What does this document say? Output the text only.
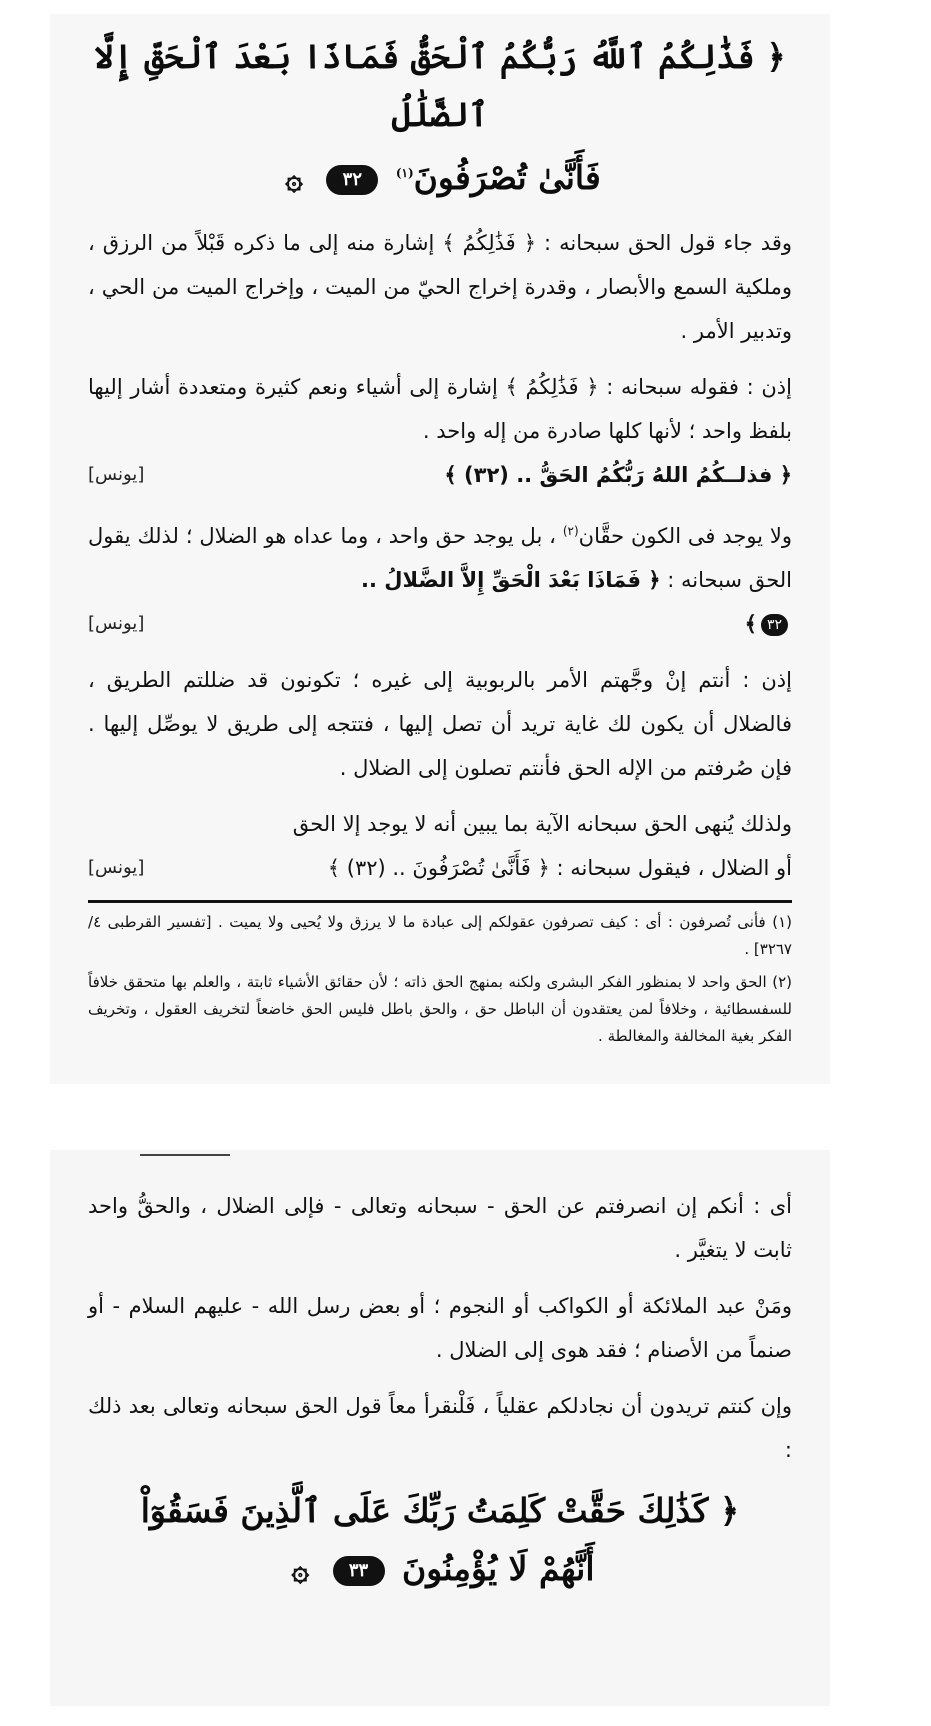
﴿ فَذَٰلِكُمُ ٱللَّهُ رَبُّكُمُ ٱلْحَقُّ فَمَاذَا بَعْدَ ٱلْحَقِّ إِلَّا ٱلضَّلَٰلُ
فَأَنَّىٰ تُصْرَفُونَ$^{(١)}$ ٣٢ ۞

وقد جاء قول الحق سبحانه : ﴿ فَذَٰلِكُمُ ﴾ إشارة منه إلى ما ذكره قَبْلاً من الرزق ، وملكية السمع والأبصار ، وقدرة إخراج الحيّ من الميت ، وإخراج الميت من الحي ، وتدبير الأمر .

إذن : فقوله سبحانه : ﴿ فَذَٰلِكُمُ ﴾ إشارة إلى أشياء ونعم كثيرة ومتعددة أشار إليها بلفظ واحد ؛ لأنها كلها صادرة من إله واحد .

﴿ فذلــكُمُ اللهُ رَبُّكُمُ الحَقُّ .. (٣٢) ﴾
[يونس]

ولا يوجد فى الكون حقَّان$^{(٢)}$ ، بل يوجد حق واحد ، وما عداه هو الضلال ؛ لذلك يقول الحق سبحانه : ﴿ فَمَاذَا بَعْدَ الْحَقِّ إِلاَّ الضَّلالُ ..

٣٢﴾
[يونس]

إذن : أنتم إنْ وجَّهتم الأمر بالربوبية إلى غيره ؛ تكونون قد ضللتم الطريق ، فالضلال أن يكون لك غاية تريد أن تصل إليها ، فتتجه إلى طريق لا يوصِّل إليها . فإن صُرفتم من الإله الحق فأنتم تصلون إلى الضلال .

ولذلك يُنهى الحق سبحانه الآية بما يبين أنه لا يوجد إلا الحق

أو الضلال ، فيقول سبحانه : ﴿ فَأَنَّىٰ تُصْرَفُونَ .. (٣٢) ﴾
[يونس]

(١) فأنى تُصرفون : أى : كيف تصرفون عقولكم إلى عبادة ما لا يرزق ولا يُحيى ولا يميت . [تفسير القرطبى ٤/ ٣٢٦٧] .

(٢) الحق واحد لا بمنظور الفكر البشرى ولكنه بمنهج الحق ذاته ؛ لأن حقائق الأشياء ثابتة ، والعلم بها متحقق خلافاً للسفسطائية ، وخلافاً لمن يعتقدون أن الباطل حق ، والحق باطل فليس الحق خاضعاً لتخريف العقول ، وتخريف الفكر بغية المخالفة والمغالطة .

أى : أنكم إن انصرفتم عن الحق - سبحانه وتعالى - فإلى الضلال ، والحقُّ واحد ثابت لا يتغيَّر .

ومَنْ عبد الملائكة أو الكواكب أو النجوم ؛ أو بعض رسل الله - عليهم السلام - أو صنماً من الأصنام ؛ فقد هوى إلى الضلال .

وإن كنتم تريدون أن نجادلكم عقلياً ، فَلْنقرأ معاً قول الحق سبحانه وتعالى بعد ذلك :

﴿ كَذَٰلِكَ حَقَّتْ كَلِمَتُ رَبِّكَ عَلَى ٱلَّذِينَ فَسَقُوٓاْ
أَنَّهُمْ لَا يُؤْمِنُونَ ٣٣ ۞
